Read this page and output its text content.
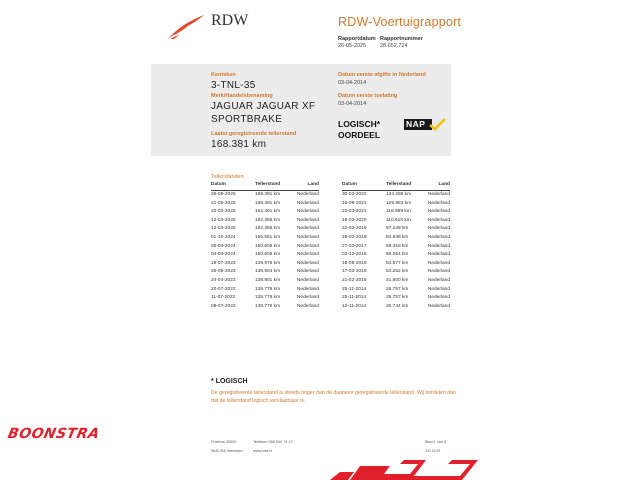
RDW	RDW-Voertuigrapport
Rapportdatum
26-05-2025
Rapportnummer
28.652.724
Kenteken
3-TNL-35
Merk/Handelsbenaming
JAGUAR JAGUAR XF
SPORTBRAKE
Laatst geregistreerde tellerstand
168.381 km
Datum eerste afgifte in Nederland
03-04-2014
Datum eerste toelating
03-04-2014
LOGISCH*
OORDEEL
NAP
Tellerstanden
Datum	Tellerstand	Land
26-05-2025	168.381 km	Nederland
21-05-2025	168.381 km	Nederland
20-03-2025	162.401 km	Nederland
12-03-2025	162.355 km	Nederland
12-03-2025	162.355 km	Nederland
01-10-2024	156.661 km	Nederland
05-04-2024	150.605 km	Nederland
04-04-2024	150.605 km	Nederland
19-07-2023	139.978 km	Nederland
26-05-2023	138.904 km	Nederland
24-04-2023	138.901 km	Nederland
20-07-2022	138.776 km	Nederland
11-07-2022	138.776 km	Nederland
09-07-2022	138.776 km	Nederland
Datum	Tellerstand	Land
30-03-2022	134.286 km	Nederland
16-09-2021	129.853 km	Nederland
22-03-2021	118.989 km	Nederland
18-03-2020	110.618 km	Nederland
22-03-2019	97.149 km	Nederland
28-03-2018	83.638 km	Nederland
27-03-2017	69.318 km	Nederland
02-12-2016	60.254 km	Nederland
18-05-2016	54.577 km	Nederland
17-03-2016	53.252 km	Nederland
21-02-2015	31.800 km	Nederland
25-11-2014	26.757 km	Nederland
25-11-2014	26.757 km	Nederland
12-11-2014	26.744 km	Nederland
* LOGISCH
De geregistreerde tellerstand is steeds hoger dan de daarvoor geregistreerde tellerstand. Wij oordelen dan
dat de tellerstand logisch verklaarbaar is.
BOONSTRA	Postbus 30000
9640 RA Veendam
Telefoon 088 900 74 47
www.rdw.nl
Blad 1 van 4
3.E 1070
